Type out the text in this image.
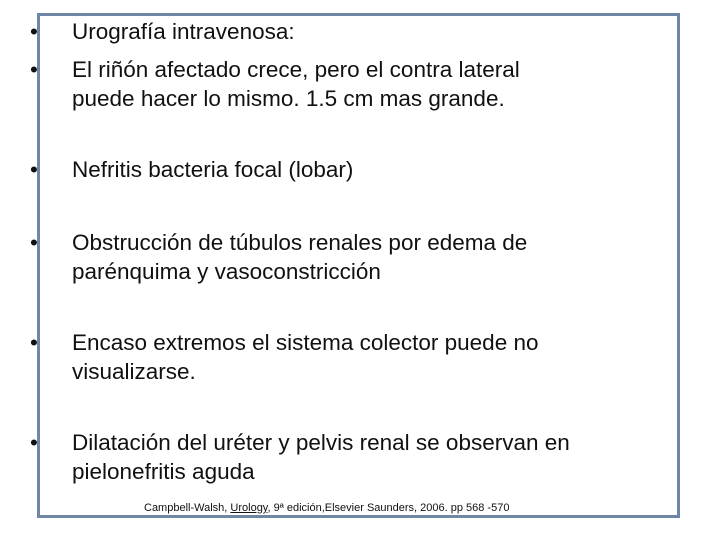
• Urografía intravenosa:
• El riñón afectado crece, pero el contra lateral
puede hacer lo mismo. 1.5 cm mas grande.
• Nefritis bacteria focal (lobar)
• Obstrucción de túbulos renales por edema de
parénquima y vasoconstricción
• Encaso extremos el sistema colector puede no
visualizarse.
• Dilatación del uréter y pelvis renal se observan en
pielonefritis aguda
Campbell-Walsh, Urology, 9ª edición,Elsevier Saunders, 2006. pp 568 -570
